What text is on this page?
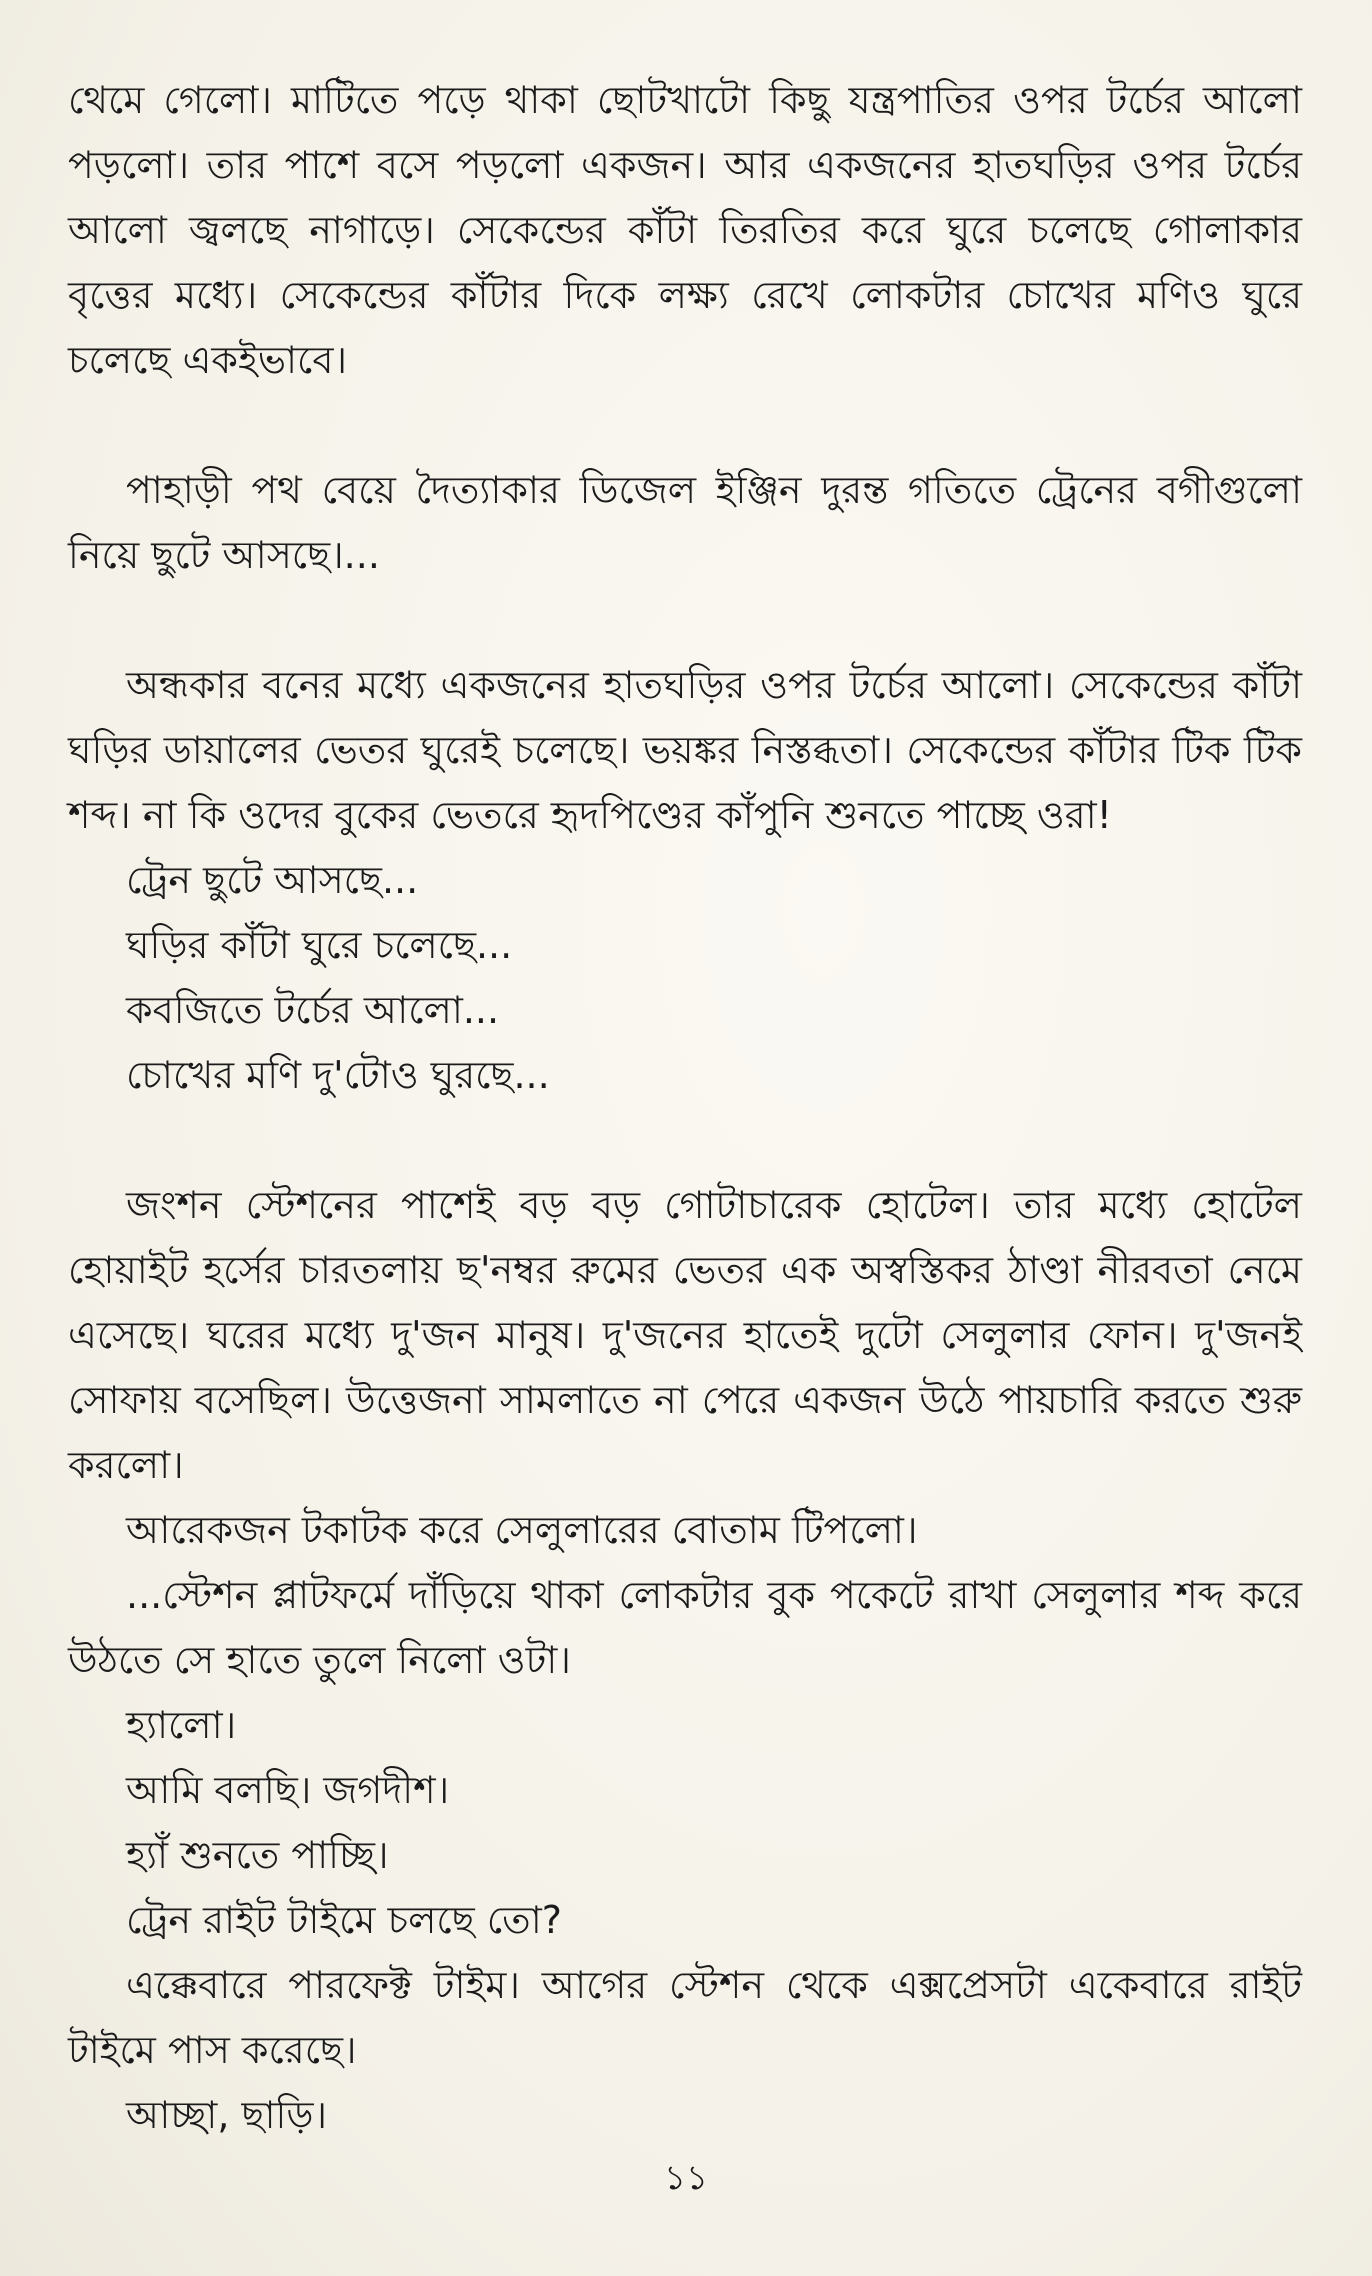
থেমে গেলো। মাটিতে পড়ে থাকা ছোটখাটো কিছু যন্ত্রপাতির ওপর টর্চের আলো পড়লো। তার পাশে বসে পড়লো একজন। আর একজনের হাতঘড়ির ওপর টর্চের আলো জ্বলছে নাগাড়ে। সেকেন্ডের কাঁটা তিরতির করে ঘুরে চলেছে গোলাকার বৃত্তের মধ্যে। সেকেন্ডের কাঁটার দিকে লক্ষ্য রেখে লোকটার চোখের মণিও ঘুরে চলেছে একইভাবে।

পাহাড়ী পথ বেয়ে দৈত্যাকার ডিজেল ইঞ্জিন দুরন্ত গতিতে ট্রেনের বগীগুলো নিয়ে ছুটে আসছে।...

অন্ধকার বনের মধ্যে একজনের হাতঘড়ির ওপর টর্চের আলো। সেকেন্ডের কাঁটা ঘড়ির ডায়ালের ভেতর ঘুরেই চলেছে। ভয়ঙ্কর নিস্তব্ধতা। সেকেন্ডের কাঁটার টিক টিক শব্দ। না কি ওদের বুকের ভেতরে হৃদপিণ্ডের কাঁপুনি শুনতে পাচ্ছে ওরা!

ট্রেন ছুটে আসছে...

ঘড়ির কাঁটা ঘুরে চলেছে...

কবজিতে টর্চের আলো...

চোখের মণি দু'টোও ঘুরছে...

জংশন স্টেশনের পাশেই বড় বড় গোটাচারেক হোটেল। তার মধ্যে হোটেল হোয়াইট হর্সের চারতলায় ছ'নম্বর রুমের ভেতর এক অস্বস্তিকর ঠাণ্ডা নীরবতা নেমে এসেছে। ঘরের মধ্যে দু'জন মানুষ। দু'জনের হাতেই দুটো সেলুলার ফোন। দু'জনই সোফায় বসেছিল। উত্তেজনা সামলাতে না পেরে একজন উঠে পায়চারি করতে শুরু করলো।

আরেকজন টকাটক করে সেলুলারের বোতাম টিপলো।

...স্টেশন প্লাটফর্মে দাঁড়িয়ে থাকা লোকটার বুক পকেটে রাখা সেলুলার শব্দ করে উঠতে সে হাতে তুলে নিলো ওটা।

হ্যালো।

আমি বলছি। জগদীশ।

হ্যাঁ শুনতে পাচ্ছি।

ট্রেন রাইট টাইমে চলছে তো?

এক্কেবারে পারফেক্ট টাইম। আগের স্টেশন থেকে এক্সপ্রেসটা একেবারে রাইট টাইমে পাস করেছে।

আচ্ছা, ছাড়ি।

১১
